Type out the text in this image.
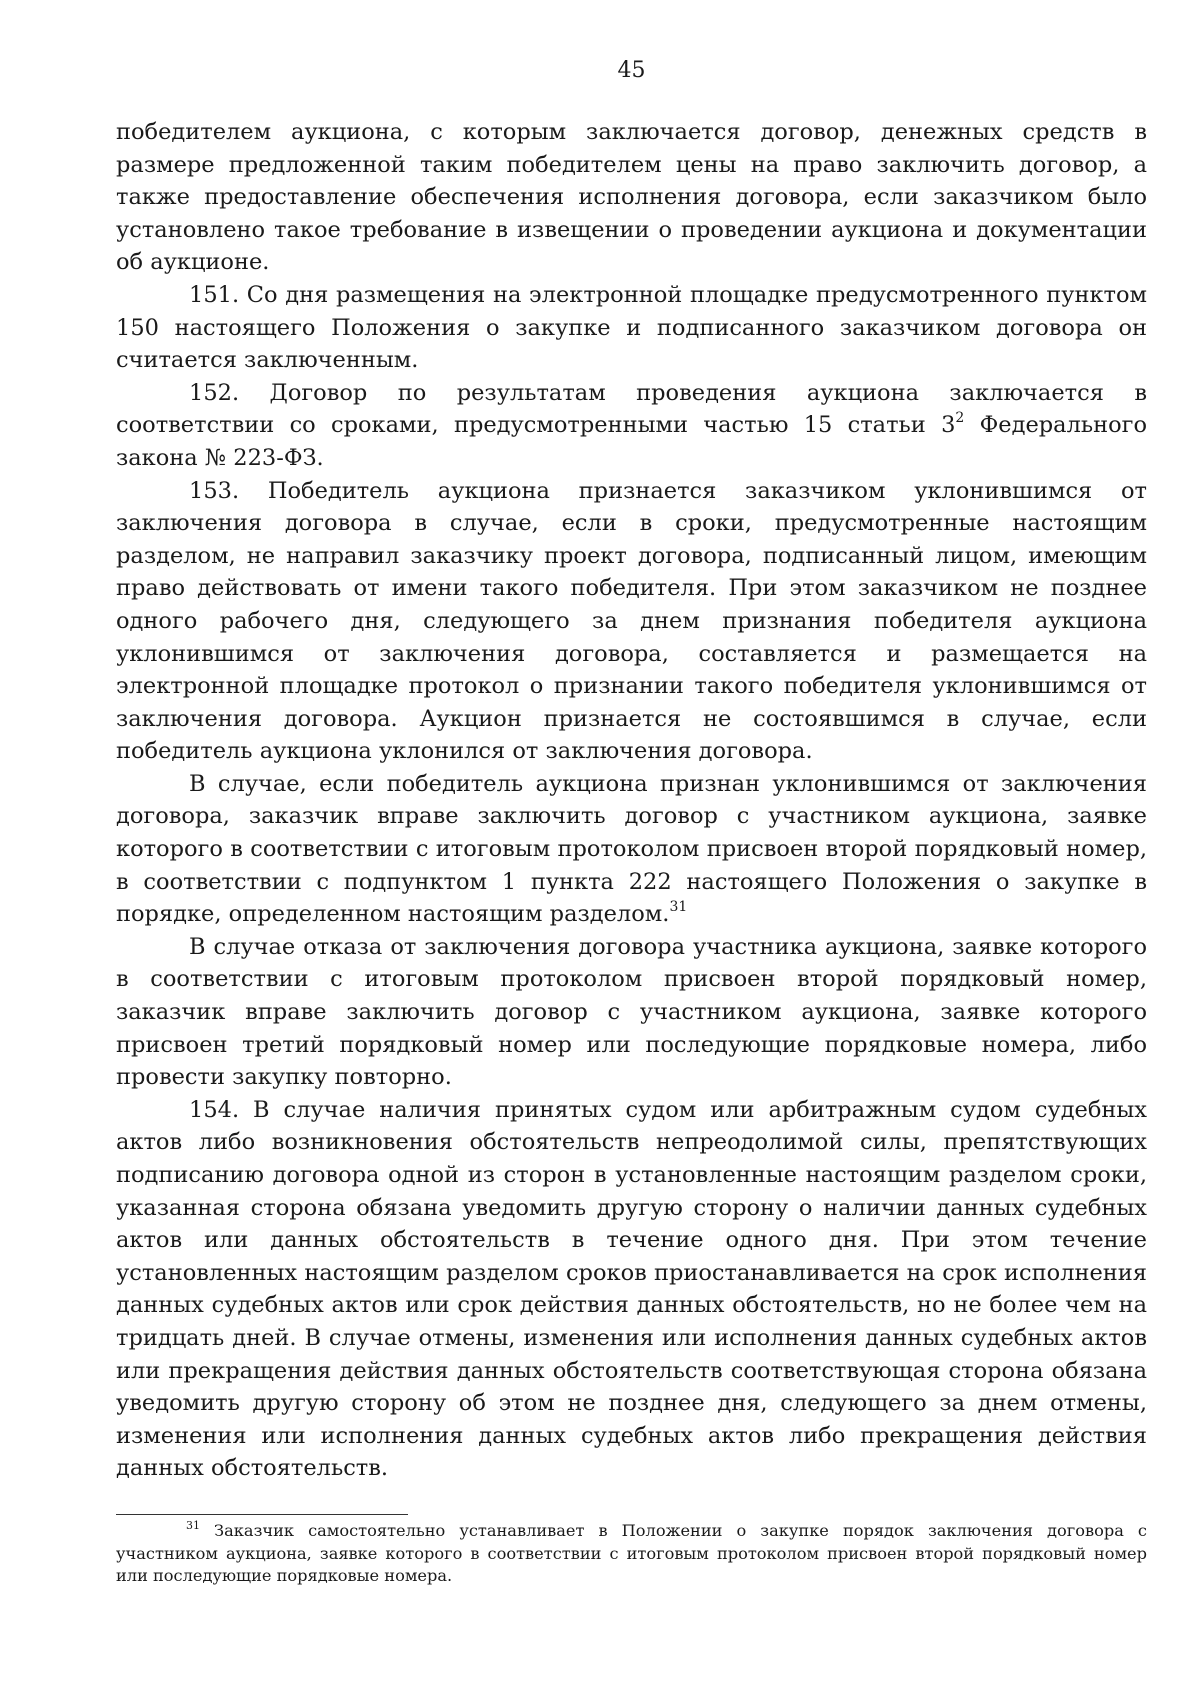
45

победителем аукциона, с которым заключается договор, денежных средств в размере предложенной таким победителем цены на право заключить договор, а также предоставление обеспечения исполнения договора, если заказчиком было установлено такое требование в извещении о проведении аукциона и документации об аукционе.

151. Со дня размещения на электронной площадке предусмотренного пунктом 150 настоящего Положения о закупке и подписанного заказчиком договора он считается заключенным.

152. Договор по результатам проведения аукциона заключается в соответствии со сроками, предусмотренными частью 15 статьи $3^2$ Федерального закона № 223-ФЗ.

153. Победитель аукциона признается заказчиком уклонившимся от заключения договора в случае, если в сроки, предусмотренные настоящим разделом, не направил заказчику проект договора, подписанный лицом, имеющим право действовать от имени такого победителя. При этом заказчиком не позднее одного рабочего дня, следующего за днем признания победителя аукциона уклонившимся от заключения договора, составляется и размещается на электронной площадке протокол о признании такого победителя уклонившимся от заключения договора. Аукцион признается не состоявшимся в случае, если победитель аукциона уклонился от заключения договора.

В случае, если победитель аукциона признан уклонившимся от заключения договора, заказчик вправе заключить договор с участником аукциона, заявке которого в соответствии с итоговым протоколом присвоен второй порядковый номер, в соответствии с подпунктом 1 пункта 222 настоящего Положения о закупке в порядке, определенном настоящим разделом.$^{31}$

В случае отказа от заключения договора участника аукциона, заявке которого в соответствии с итоговым протоколом присвоен второй порядковый номер, заказчик вправе заключить договор с участником аукциона, заявке которого присвоен третий порядковый номер или последующие порядковые номера, либо провести закупку повторно.

154. В случае наличия принятых судом или арбитражным судом судебных актов либо возникновения обстоятельств непреодолимой силы, препятствующих подписанию договора одной из сторон в установленные настоящим разделом сроки, указанная сторона обязана уведомить другую сторону о наличии данных судебных актов или данных обстоятельств в течение одного дня. При этом течение установленных настоящим разделом сроков приостанавливается на срок исполнения данных судебных актов или срок действия данных обстоятельств, но не более чем на тридцать дней. В случае отмены, изменения или исполнения данных судебных актов или прекращения действия данных обстоятельств соответствующая сторона обязана уведомить другую сторону об этом не позднее дня, следующего за днем отмены, изменения или исполнения данных судебных актов либо прекращения действия данных обстоятельств.

$^{31}$ Заказчик самостоятельно устанавливает в Положении о закупке порядок заключения договора с участником аукциона, заявке которого в соответствии с итоговым протоколом присвоен второй порядковый номер или последующие порядковые номера.
